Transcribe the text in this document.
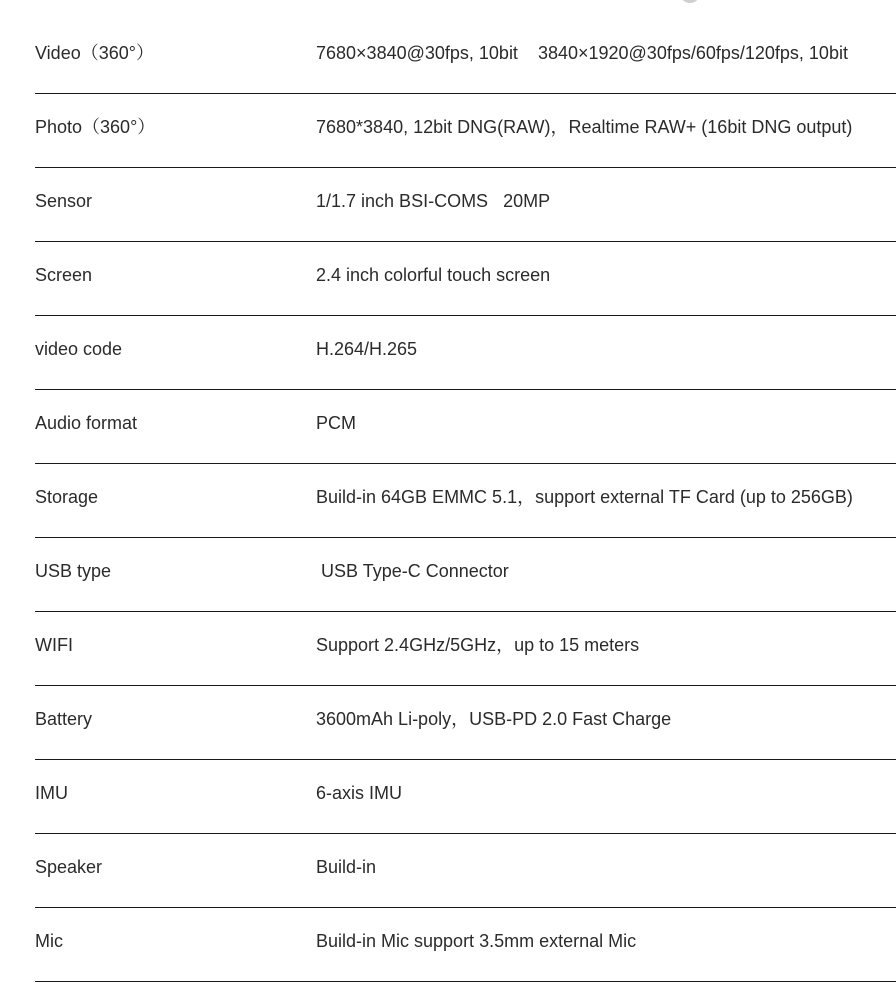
Video（360°）	7680×3840@30fps, 10bit    3840×1920@30fps/60fps/120fps, 10bit
Photo（360°）	7680*3840, 12bit DNG(RAW)，Realtime RAW+ (16bit DNG output)
Sensor	1/1.7 inch BSI-COMS   20MP
Screen	2.4 inch colorful touch screen
video code	H.264/H.265
Audio format	PCM
Storage	Build-in 64GB EMMC 5.1，support external TF Card (up to 256GB)
USB type	USB Type-C Connector
WIFI	Support 2.4GHz/5GHz，up to 15 meters
Battery	3600mAh Li-poly，USB-PD 2.0 Fast Charge
IMU	6-axis IMU
Speaker	Build-in
Mic	Build-in Mic support 3.5mm external Mic
